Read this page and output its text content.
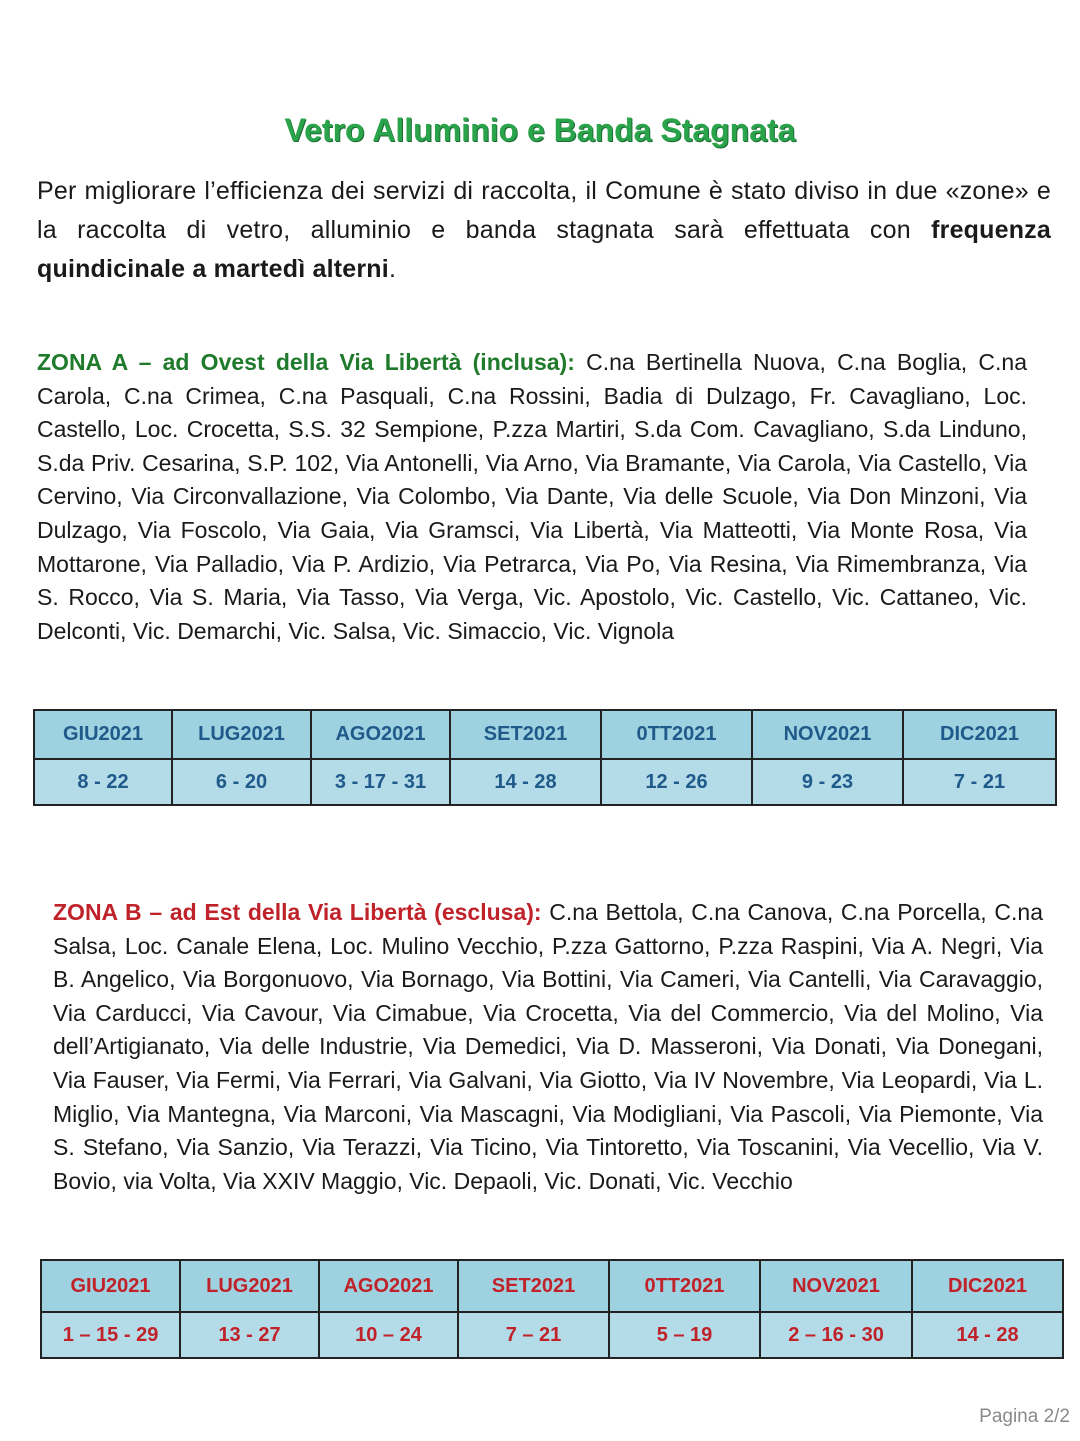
Vetro Alluminio e Banda Stagnata
Per migliorare l’efficienza dei servizi di raccolta, il Comune è stato diviso in due «zone» e la raccolta di vetro, alluminio e banda stagnata sarà effettuata con frequenza quindicinale a martedì alterni.
ZONA A – ad Ovest della Via Libertà (inclusa): C.na Bertinella Nuova, C.na Boglia, C.na Carola, C.na Crimea, C.na Pasquali, C.na Rossini, Badia di Dulzago, Fr. Cavagliano, Loc. Castello, Loc. Crocetta, S.S. 32 Sempione, P.zza Martiri, S.da Com. Cavagliano, S.da Linduno, S.da Priv. Cesarina, S.P. 102, Via Antonelli, Via Arno, Via Bramante, Via Carola, Via Castello, Via Cervino, Via Circonvallazione, Via Colombo, Via Dante, Via delle Scuole, Via Don Minzoni, Via Dulzago, Via Foscolo, Via Gaia, Via Gramsci, Via Libertà, Via Matteotti, Via Monte Rosa, Via Mottarone, Via Palladio, Via P. Ardizio, Via Petrarca, Via Po, Via Resina, Via Rimembranza, Via S. Rocco, Via S. Maria, Via Tasso, Via Verga, Vic. Apostolo, Vic. Castello, Vic. Cattaneo, Vic. Delconti, Vic. Demarchi, Vic. Salsa, Vic. Simaccio, Vic. Vignola
GIU2021	LUG2021	AGO2021	SET2021	0TT2021	NOV2021	DIC2021
8 - 22	6 - 20	3 - 17 - 31	14 - 28	12 - 26	9 - 23	7 - 21
ZONA B – ad Est della Via Libertà (esclusa): C.na Bettola, C.na Canova, C.na Porcella, C.na Salsa, Loc. Canale Elena, Loc. Mulino Vecchio, P.zza Gattorno, P.zza Raspini, Via A. Negri, Via B. Angelico, Via Borgonuovo, Via Bornago, Via Bottini, Via Cameri, Via Cantelli, Via Caravaggio, Via Carducci, Via Cavour, Via Cimabue, Via Crocetta, Via del Commercio, Via del Molino, Via dell’Artigianato, Via delle Industrie, Via Demedici, Via D. Masseroni, Via Donati, Via Donegani, Via Fauser, Via Fermi, Via Ferrari, Via Galvani, Via Giotto, Via IV Novembre, Via Leopardi, Via L. Miglio, Via Mantegna, Via Marconi, Via Mascagni, Via Modigliani, Via Pascoli, Via Piemonte, Via S. Stefano, Via Sanzio, Via Terazzi, Via Ticino, Via Tintoretto, Via Toscanini, Via Vecellio, Via V. Bovio, via Volta, Via XXIV Maggio, Vic. Depaoli, Vic. Donati, Vic. Vecchio
GIU2021	LUG2021	AGO2021	SET2021	0TT2021	NOV2021	DIC2021
1 – 15 - 29	13 - 27	10 – 24	7 – 21	5 – 19	2 – 16 - 30	14 - 28
Pagina 2/2
